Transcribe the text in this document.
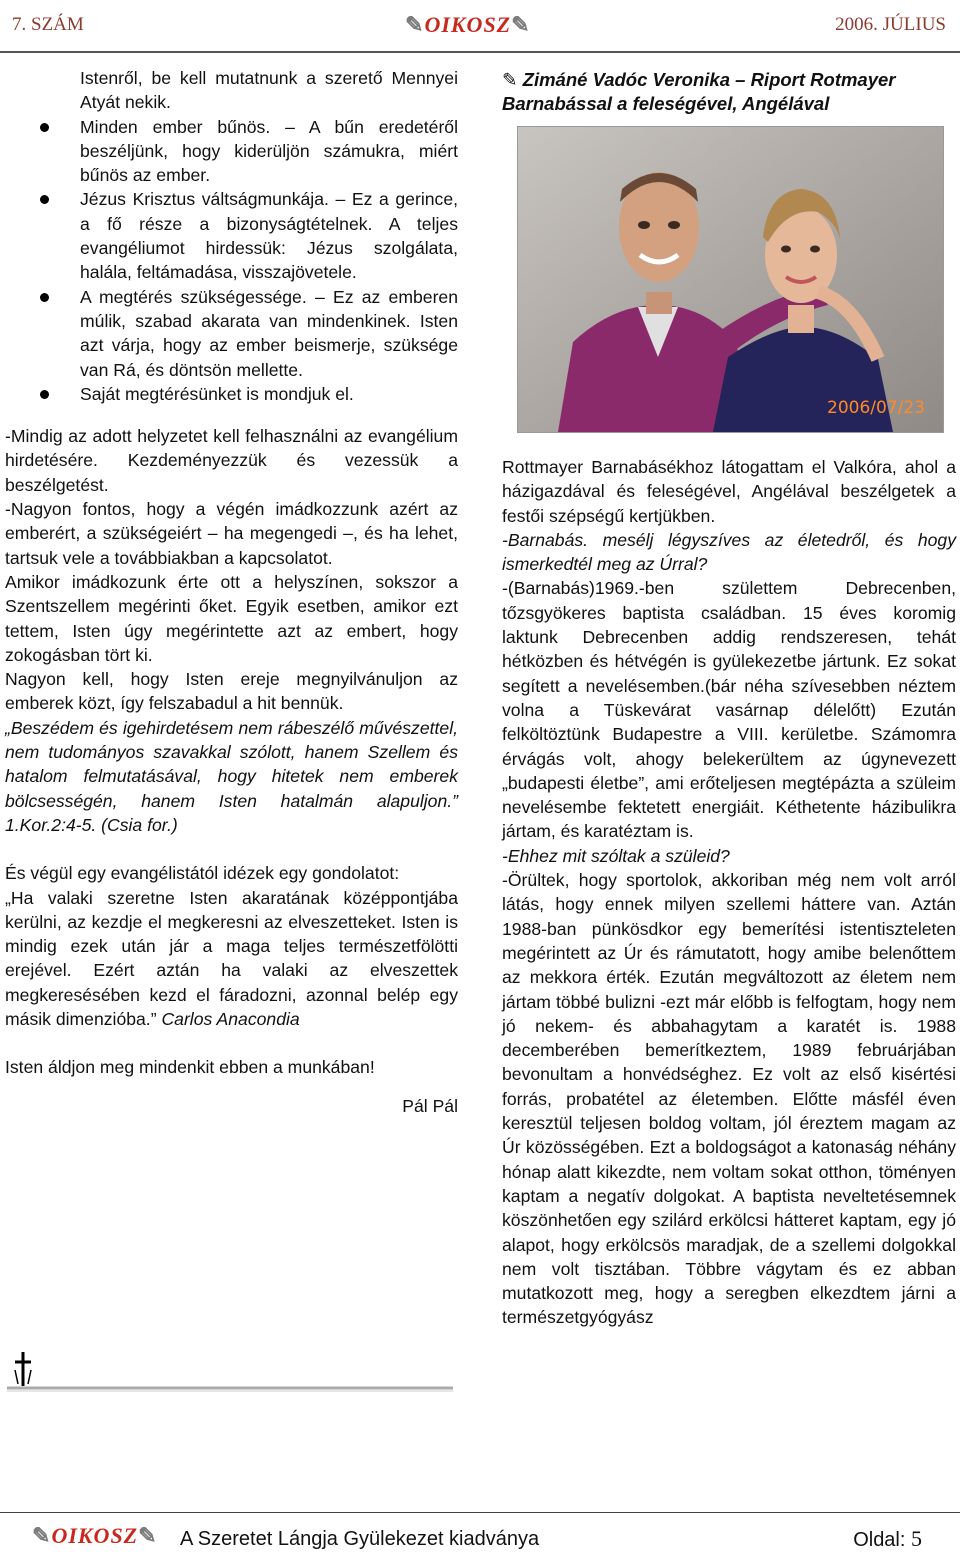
7. SZÁM	✎OIKOSZ✎	2006. JÚLIUS

Istenről, be kell mutatnunk a szerető Mennyei Atyát nekik.

Minden ember bűnös. – A bűn eredetéről beszéljünk, hogy kiderüljön számukra, miért bűnös az ember.
Jézus Krisztus váltságmunkája. – Ez a gerince, a fő része a bizonyságtételnek. A teljes evangéliumot hirdessük: Jézus szolgálata, halála, feltámadása, visszajövetele.
A megtérés szükségessége. – Ez az emberen múlik, szabad akarata van mindenkinek. Isten azt várja, hogy az ember beismerje, szüksége van Rá, és döntsön mellette.
Saját megtérésünket is mondjuk el.

-Mindig az adott helyzetet kell felhasználni az evangélium hirdetésére. Kezdeményezzük és vezessük a beszélgetést.

-Nagyon fontos, hogy a végén imádkozzunk azért az emberért, a szükségeiért – ha megengedi –, és ha lehet, tartsuk vele a továbbiakban a kapcsolatot.

Amikor imádkozunk érte ott a helyszínen, sokszor a Szentszellem megérinti őket. Egyik esetben, amikor ezt tettem, Isten úgy megérintette azt az embert, hogy zokogásban tört ki.

Nagyon kell, hogy Isten ereje megnyilvánuljon az emberek közt, így felszabadul a hit bennük.

„Beszédem és igehirdetésem nem rábeszélő művészettel, nem tudományos szavakkal szólott, hanem Szellem és hatalom felmutatásával, hogy hitetek nem emberek bölcsességén, hanem Isten hatalmán alapuljon.” 1.Kor.2:4-5. (Csia for.)

És végül egy evangélistától idézek egy gondolatot:

„Ha valaki szeretne Isten akaratának középpontjába kerülni, az kezdje el megkeresni az elveszetteket. Isten is mindig ezek után jár a maga teljes természetfölötti erejével. Ezért aztán ha valaki az elveszettek megkeresésében kezd el fáradozni, azonnal belép egy másik dimenzióba.” Carlos Anacondia

Isten áldjon meg mindenkit ebben a munkában!

Pál Pál

✎ Zimáné Vadóc Veronika – Riport Rotmayer Barnabással a feleségével, Angélával
2006/07/23

Rottmayer Barnabásékhoz látogattam el Valkóra, ahol a házigazdával és feleségével, Angélával beszélgetek a festői szépségű kertjükben.

-Barnabás. mesélj légyszíves az életedről, és hogy ismerkedtél meg az Úrral?

-(Barnabás)1969.-ben születtem Debrecenben, tőzsgyökeres baptista családban. 15 éves koromig laktunk Debrecenben addig rendszeresen, tehát hétközben és hétvégén is gyülekezetbe jártunk. Ez sokat segített a nevelésemben.(bár néha szívesebben néztem volna a Tüskevárat vasárnap délelőtt) Ezután felköltöztünk Budapestre a VIII. kerületbe. Számomra érvágás volt, ahogy belekerültem az úgynevezett „budapesti életbe”, ami erőteljesen megtépázta a szüleim nevelésembe fektetett energiáit. Kéthetente házibulikra jártam, és karatéztam is.

-Ehhez mit szóltak a szüleid?

-Örültek, hogy sportolok, akkoriban még nem volt arról látás, hogy ennek milyen szellemi háttere van. Aztán 1988-ban pünkösdkor egy bemerítési istentiszteleten megérintett az Úr és rámutatott, hogy amibe belenőttem az mekkora érték. Ezután megváltozott az életem nem jártam többé bulizni -ezt már előbb is felfogtam, hogy nem jó nekem- és abbahagytam a karatét is. 1988 decemberében bemerítkeztem, 1989 februárjában bevonultam a honvédséghez. Ez volt az első kisértési forrás, probatétel az életemben. Előtte másfél éven keresztül teljesen boldog voltam, jól éreztem magam az Úr közösségében. Ezt a boldogságot a katonaság néhány hónap alatt kikezdte, nem voltam sokat otthon, töményen kaptam a negatív dolgokat. A baptista neveltetésemnek köszönhetően egy szilárd erkölcsi hátteret kaptam, egy jó alapot, hogy erkölcsös maradjak, de a szellemi dolgokkal nem volt tisztában. Többre vágytam és ez abban mutatkozott meg, hogy a seregben elkezdtem járni a természetgyógyász

✎OIKOSZ✎ A Szeretet Lángja Gyülekezet kiadványa	Oldal: 5
